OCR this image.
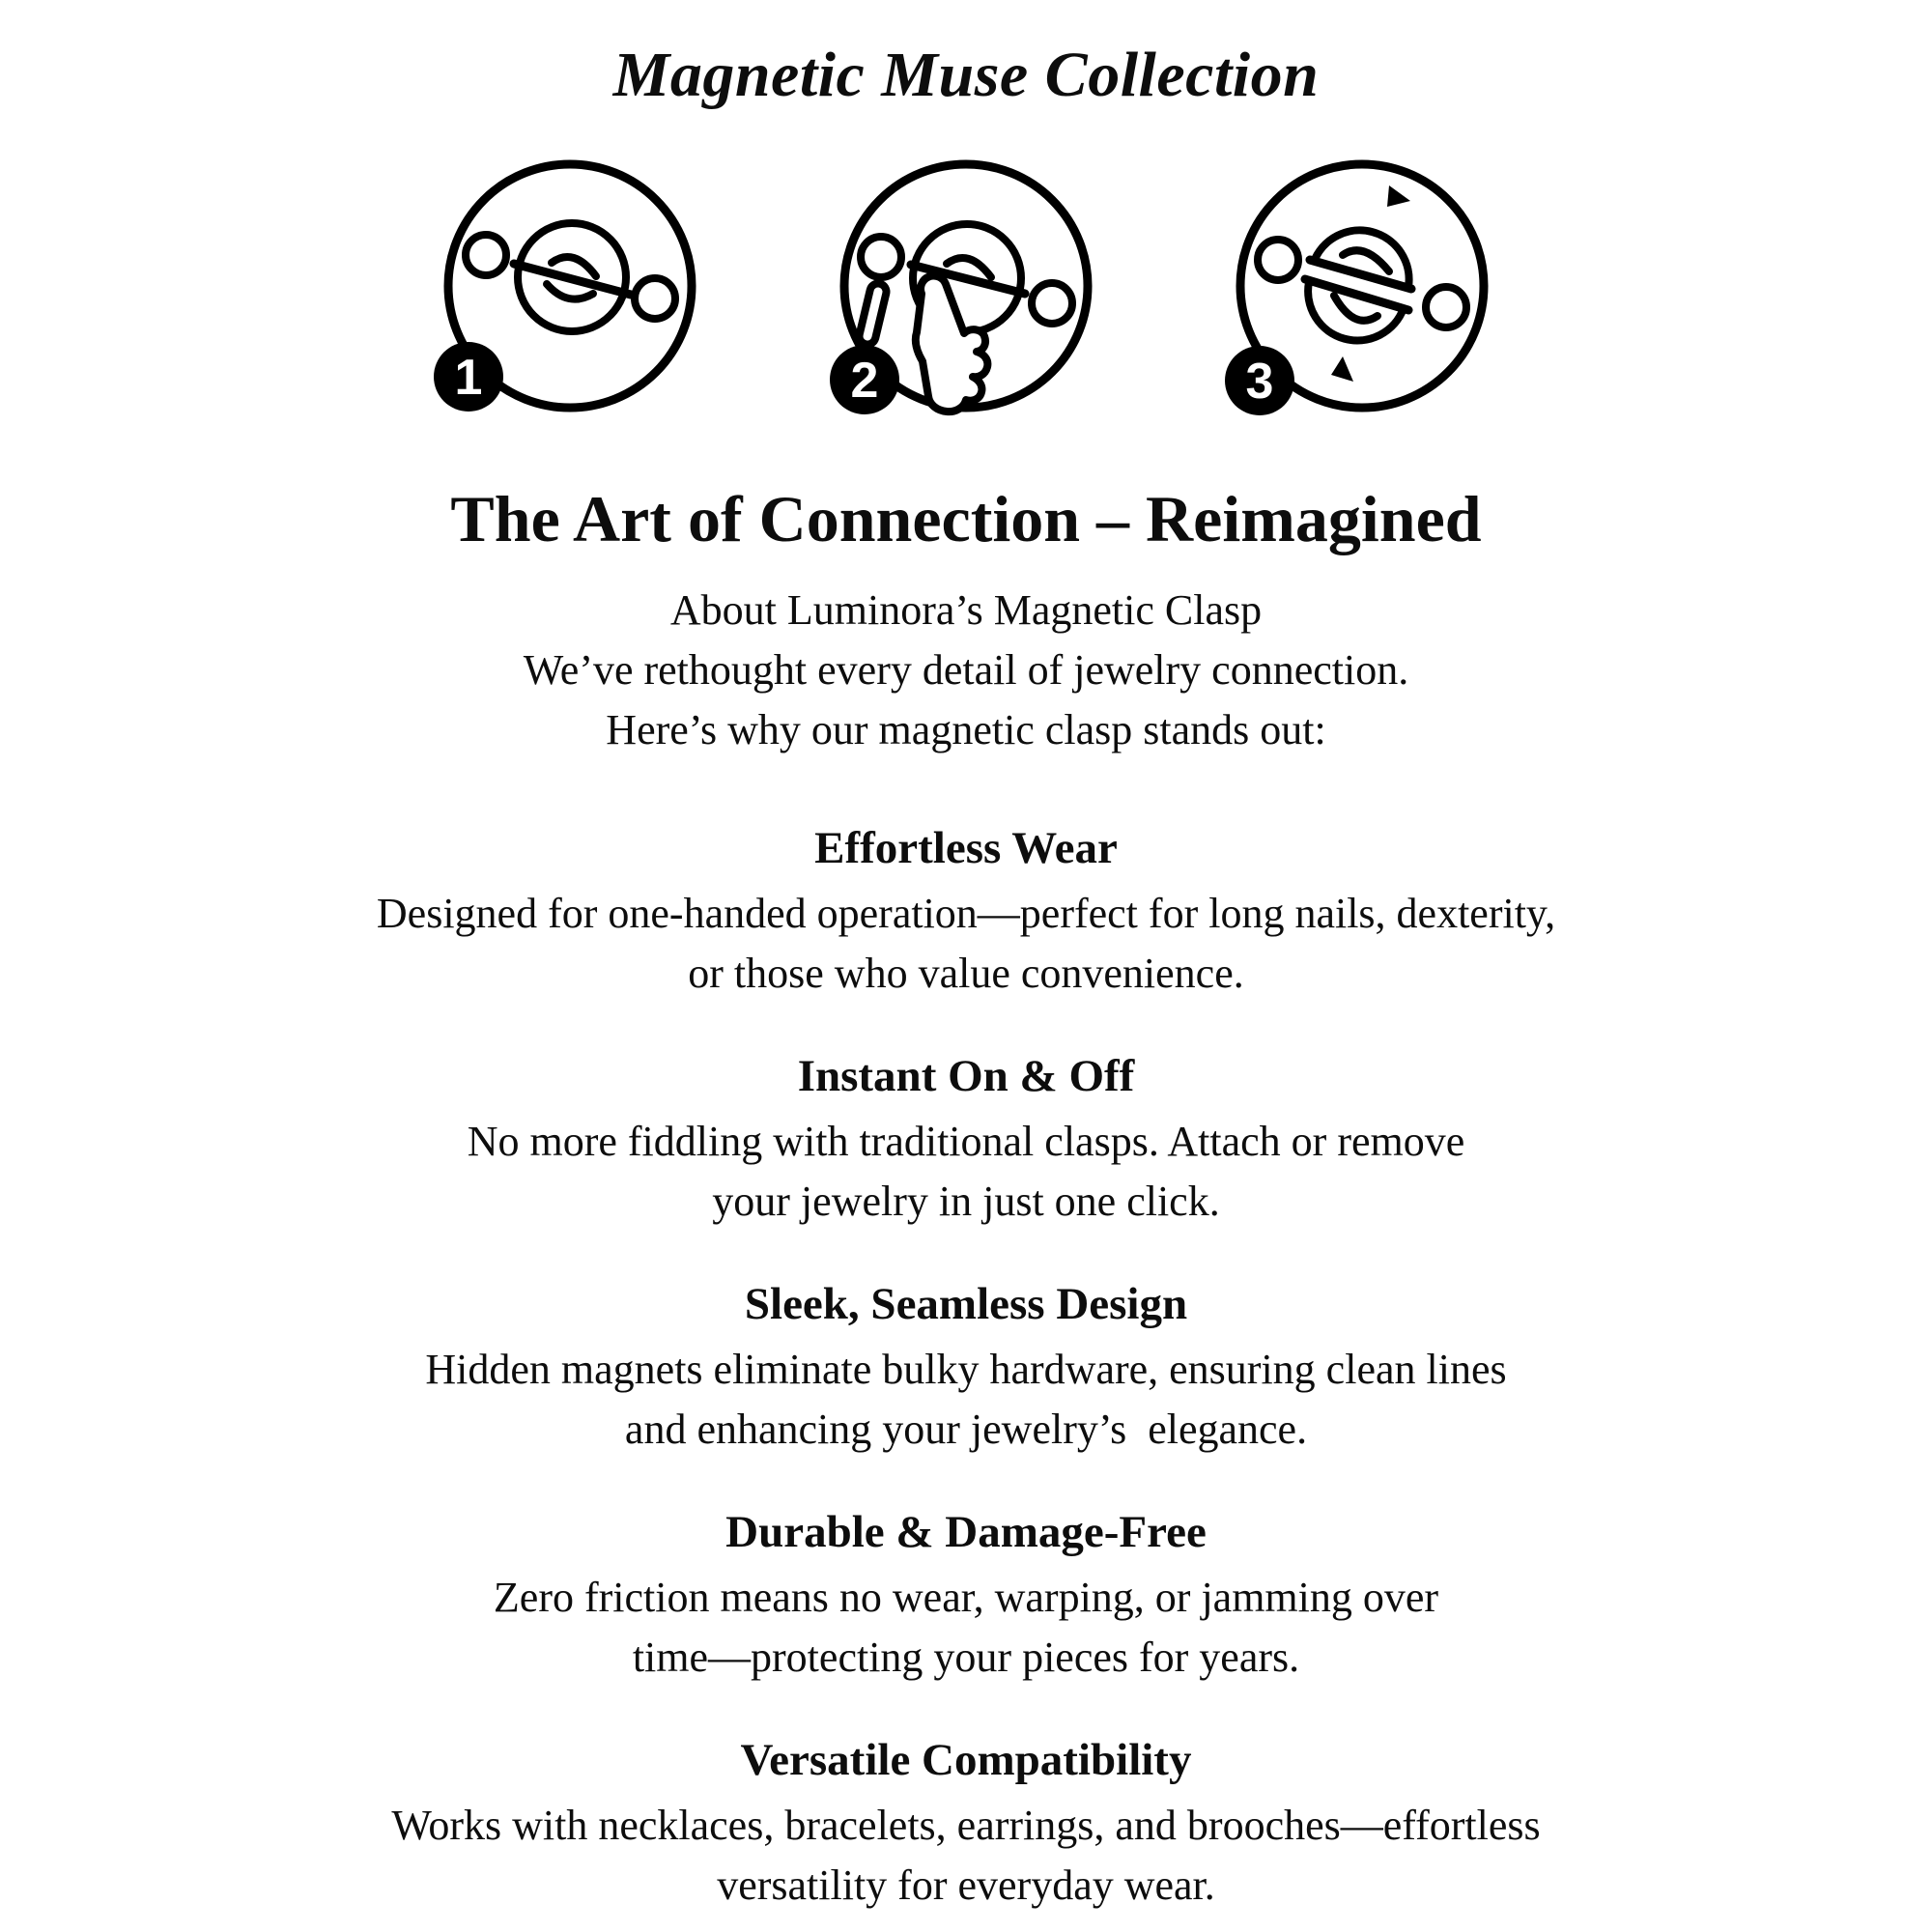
Magnetic Muse Collection
1	2	3
The Art of Connection – Reimagined
About Luminora’s Magnetic Clasp
We’ve rethought every detail of jewelry connection.
Here’s why our magnetic clasp stands out:
Effortless Wear
Designed for one-handed operation—perfect for long nails, dexterity,
or those who value convenience.
Instant On & Off
No more fiddling with traditional clasps. Attach or remove
your jewelry in just one click.
Sleek, Seamless Design
Hidden magnets eliminate bulky hardware, ensuring clean lines
and enhancing your jewelry’s  elegance.
Durable & Damage-Free
Zero friction means no wear, warping, or jamming over
time—protecting your pieces for years.
Versatile Compatibility
Works with necklaces, bracelets, earrings, and brooches—effortless
versatility for everyday wear.
